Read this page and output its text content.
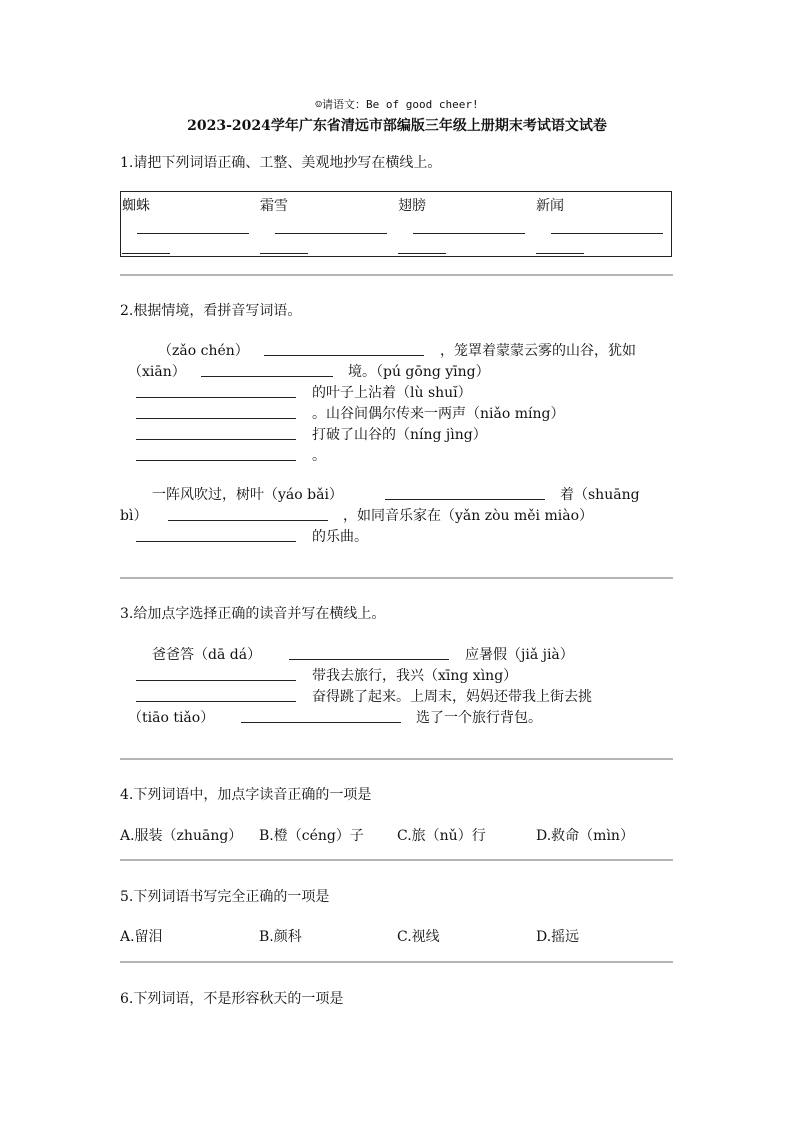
☺请语文：Be of good cheer!
2023-2024学年广东省清远市部编版三年级上册期末考试语文试卷
1.请把下列词语正确、工整、美观地抄写在横线上。
蜘蛛	霜雪	翅膀	新闻
2.根据情境，看拼音写词语。
（zǎo chén）	，笼罩着蒙蒙云雾的山谷，犹如
（xiān）	境。（pú gōng yīng）
的叶子上沾着（lù shuĭ）
。山谷间偶尔传来一两声（niǎo míng）
打破了山谷的（níng jìng）
。
一阵风吹过，树叶（yáo bǎi）	着（shuāng
bì）	，如同音乐家在（yǎn zòu měi miào）
的乐曲。
3.给加点字选择正确的读音并写在横线上。
爸爸答（dā dá）	应暑假（jiǎ jià）
带我去旅行，我兴（xīng xìng）
奋得跳了起来。上周末，妈妈还带我上街去挑
（tiāo tiǎo）	选了一个旅行背包。
4.下列词语中，加点字读音正确的一项是
A.服装（zhuāng） B.橙（céng）子 C.旅（nǔ）行	D.救命（mìn）
5.下列词语书写完全正确的一项是
A.留泪	B.颜科	C.视线	D.摇远
6.下列词语，不是形容秋天的一项是
